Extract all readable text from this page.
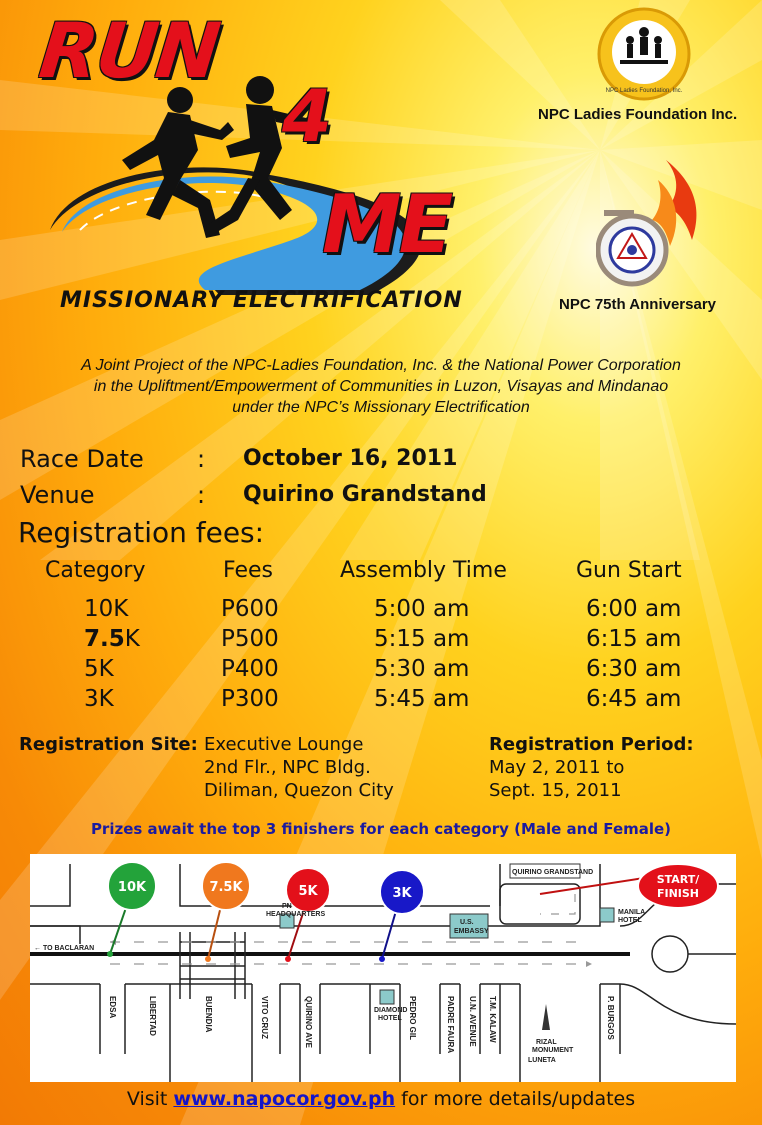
RUN
4
ME
MISSIONARY ELECTRIFICATION
NPC Ladies Foundation, Inc.
NPC Ladies Foundation Inc.
NPC 75th Anniversary
A Joint Project of the NPC-Ladies Foundation, Inc. & the National Power Corporation
in the Upliftment/Empowerment of Communities in Luzon, Visayas and Mindanao
under the NPC’s Missionary Electrification
Race Date : October 16, 2011
Venue	: Quirino Grandstand
Registration fees:
Category	Fees	Assembly Time	Gun Start
10K	P600	5:00 am	6:00 am
7.5K	P500	5:15 am	6:15 am
5K	P400	5:30 am	6:30 am
3K	P300	5:45 am	6:45 am
Registration Site: Executive Lounge
2nd Flr., NPC Bldg.
Diliman, Quezon City
Registration Period:
May 2, 2011 to
Sept. 15, 2011
Prizes await the top 3 finishers for each category (Male and Female)
START/
FINISH
10K	7.5K	5K	3K
QUIRINO GRANDSTAND
PN
HEADQUARTERS
U.S.
EMBASSY
MANILA
HOTEL
DIAMOND
HOTEL
← TO BACLARAN
RIZAL
MONUMENT
LUNETA
EDSA	LIBERTAD	BUENDIA	VITO CRUZ	QUIRINO AVE	PEDRO GIL	PADRE FAURA U.N. AVENUE T.M. KALAW	P. BURGOS
Visit www.napocor.gov.ph for more details/updates
